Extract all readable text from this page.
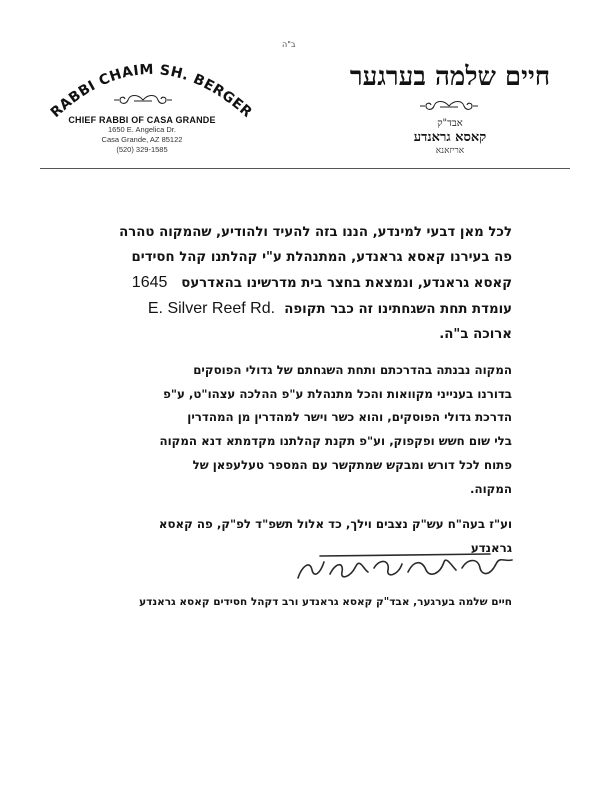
ב"ה
RABBI CHAIM SH. BERGER
CHIEF RABBI OF CASA GRANDE
1650 E. Angelica Dr.
Casa Grande, AZ 85122
(520) 329-1585
חיים שלמה בערגער
אבד"ק
קאסא גראנדע
אריזאנא

לכל מאן דבעי למינדע, הננו בזה להעיד ולהודיע, שהמקוה טהרה
פה בעירנו קאסא גראנדע, המתנהלת ע"י קהלתנו קהל חסידים
קאסא גראנדע, ונמצאת בחצר בית מדרשינו בהאדרעס   1645
עומדת תחת השגחתינו זה כבר תקופה  E. Silver Reef Rd.
ארוכה ב"ה.

המקוה נבנתה בהדרכתם ותחת השגחתם של גדולי הפוסקים
בדורנו בענייני מקוואות והכל מתנהלת ע"פ ההלכה עצהו"ט, ע"פ
הדרכת גדולי הפוסקים, והוא כשר וישר למהדרין מן המהדרין
בלי שום חשש ופקפוק, וע"פ תקנת קהלתנו מקדמתא דנא המקוה
פתוח לכל דורש ומבקש שמתקשר עם המספר טעלעפאן של
המקוה.

וע"ז בעה"ח עש"ק נצבים וילך, כד אלול תשפ"ד לפ"ק, פה קאסא
גראנדע

חיים שלמה בערגער, אבד"ק קאסא גראנדע ורב דקהל חסידים קאסא גראנדע
